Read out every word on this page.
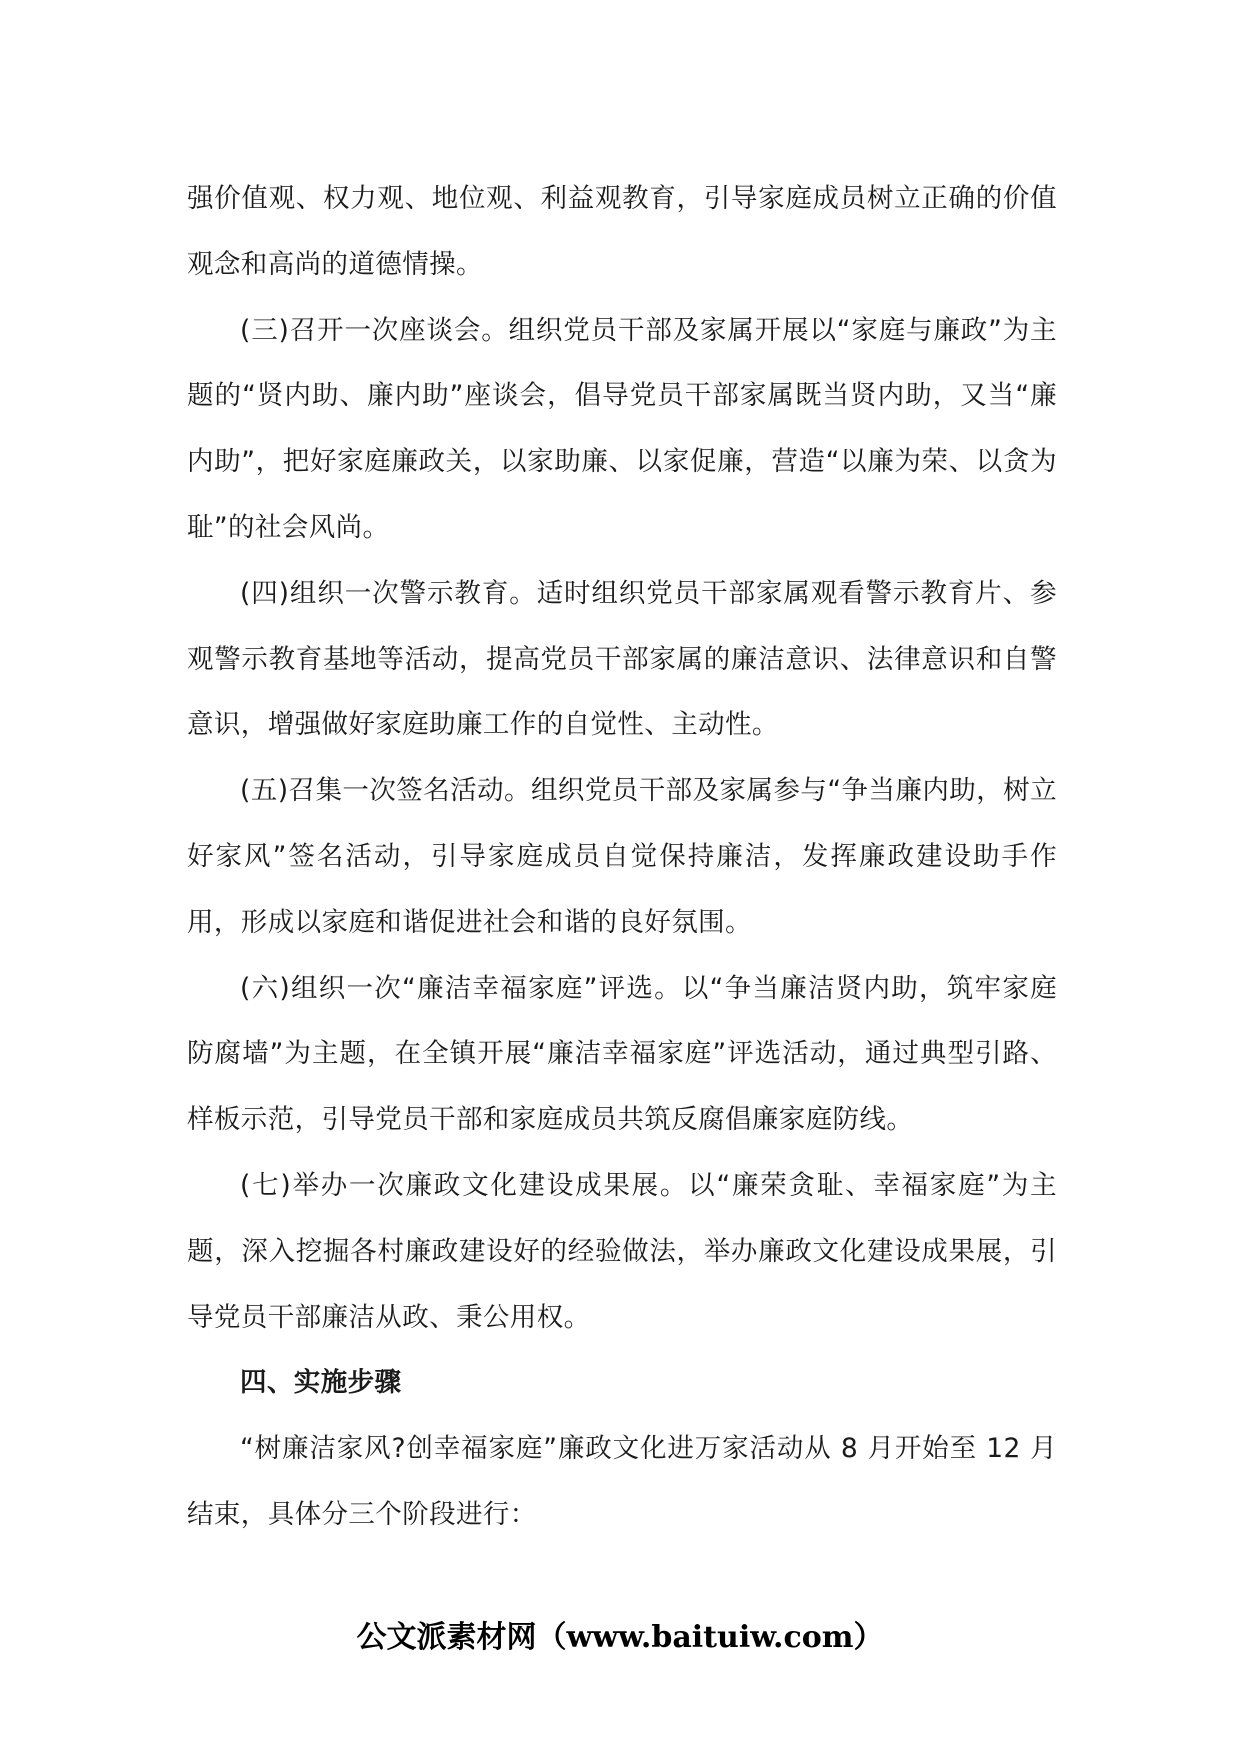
强价值观、权力观、地位观、利益观教育，引导家庭成员树立正确的价值观念和高尚的道德情操。

(三)召开一次座谈会。组织党员干部及家属开展以“家庭与廉政”为主题的“贤内助、廉内助”座谈会，倡导党员干部家属既当贤内助，又当“廉内助”，把好家庭廉政关，以家助廉、以家促廉，营造“以廉为荣、以贪为耻”的社会风尚。

(四)组织一次警示教育。适时组织党员干部家属观看警示教育片、参观警示教育基地等活动，提高党员干部家属的廉洁意识、法律意识和自警意识，增强做好家庭助廉工作的自觉性、主动性。

(五)召集一次签名活动。组织党员干部及家属参与“争当廉内助，树立好家风”签名活动，引导家庭成员自觉保持廉洁，发挥廉政建设助手作用，形成以家庭和谐促进社会和谐的良好氛围。

(六)组织一次“廉洁幸福家庭”评选。以“争当廉洁贤内助，筑牢家庭防腐墙”为主题，在全镇开展“廉洁幸福家庭”评选活动，通过典型引路、样板示范，引导党员干部和家庭成员共筑反腐倡廉家庭防线。

(七)举办一次廉政文化建设成果展。以“廉荣贪耻、幸福家庭”为主题，深入挖掘各村廉政建设好的经验做法，举办廉政文化建设成果展，引导党员干部廉洁从政、秉公用权。

四、实施步骤

“树廉洁家风?创幸福家庭”廉政文化进万家活动从 8 月开始至 12 月结束，具体分三个阶段进行：

公文派素材网（www.baituiw.com）
